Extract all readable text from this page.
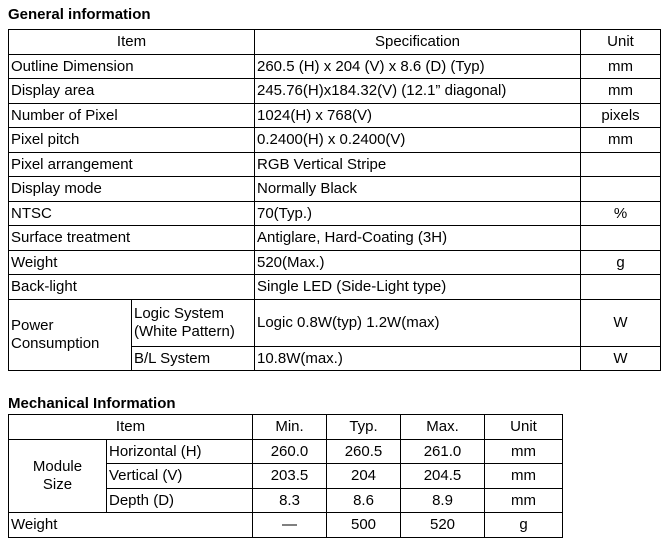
General information
Item		Specification	Unit
Outline Dimension		260.5 (H) x 204 (V) x 8.6 (D) (Typ)	mm
Display area		245.76(H)x184.32(V) (12.1” diagonal)	mm
Number of Pixel		1024(H) x 768(V)	pixels
Pixel pitch		0.2400(H) x 0.2400(V)	mm
Pixel arrangement		RGB Vertical Stripe	
Display mode		Normally Black	
NTSC		70(Typ.)	%
Surface treatment		Antiglare, Hard-Coating (3H)	
Weight		520(Max.)	g
Back-light		Single LED (Side-Light type)	
Power Consumption	Logic System (White Pattern)	Logic 0.8W(typ) 1.2W(max)	W
	B/L System	10.8W(max.)	W
Mechanical Information
Item		Min.	Typ.	Max.	Unit
Module Size	Horizontal (H)	260.0	260.5	261.0	mm
	Vertical (V)	203.5	204	204.5	mm
	Depth (D)	8.3	8.6	8.9	mm
Weight		—	500	520	g
